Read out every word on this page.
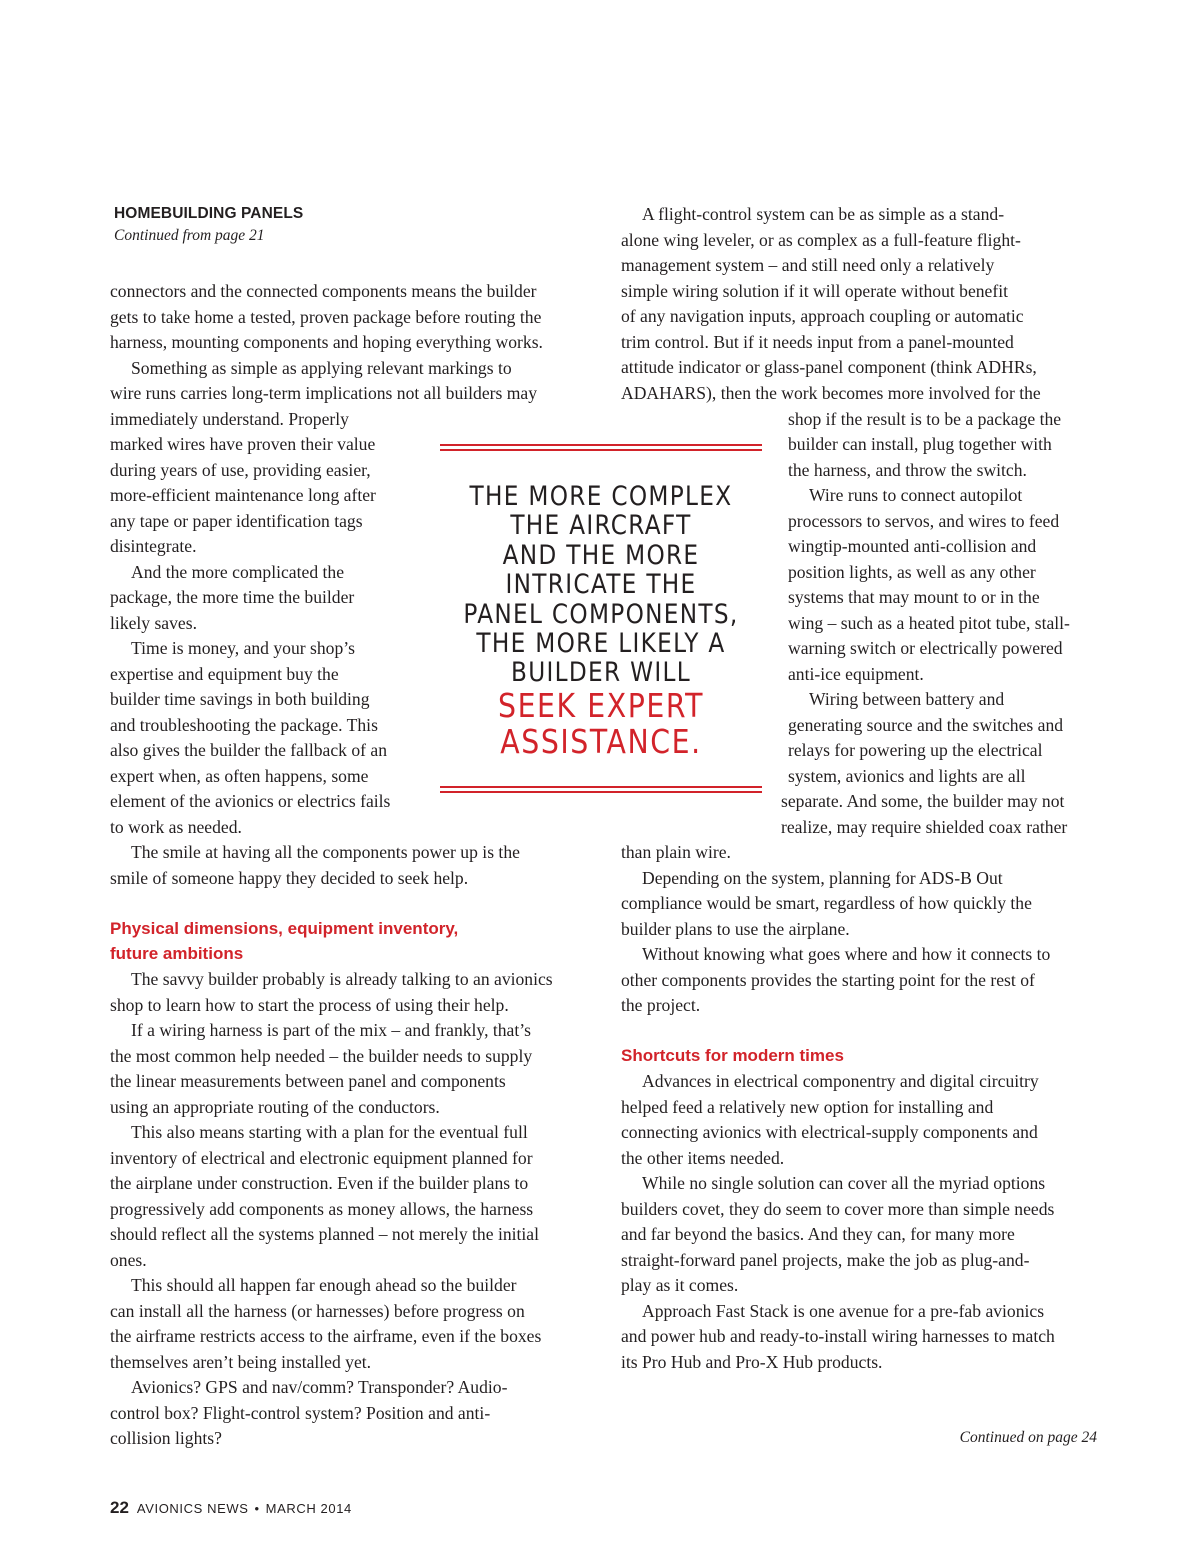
HOMEBUILDING PANELS
Continued from page 21
connectors and the connected components means the builder
gets to take home a tested, proven package before routing the
harness, mounting components and hoping everything works.
Something as simple as applying relevant markings to
wire runs carries long-term implications not all builders may
immediately understand. Properly
marked wires have proven their value
during years of use, providing easier,
more-efficient maintenance long after
any tape or paper identification tags
disintegrate.
And the more complicated the
package, the more time the builder
likely saves.
Time is money, and your shop’s
expertise and equipment buy the
builder time savings in both building
and troubleshooting the package. This
also gives the builder the fallback of an
expert when, as often happens, some
element of the avionics or electrics fails
to work as needed.
The smile at having all the components power up is the
smile of someone happy they decided to seek help.
Physical dimensions, equipment inventory,
future ambitions
The savvy builder probably is already talking to an avionics
shop to learn how to start the process of using their help.
If a wiring harness is part of the mix – and frankly, that’s
the most common help needed – the builder needs to supply
the linear measurements between panel and components
using an appropriate routing of the conductors.
This also means starting with a plan for the eventual full
inventory of electrical and electronic equipment planned for
the airplane under construction. Even if the builder plans to
progressively add components as money allows, the harness
should reflect all the systems planned – not merely the initial
ones.
This should all happen far enough ahead so the builder
can install all the harness (or harnesses) before progress on
the airframe restricts access to the airframe, even if the boxes
themselves aren’t being installed yet.
Avionics? GPS and nav/comm? Transponder? Audio-
control box? Flight-control system? Position and anti-
collision lights?
A flight-control system can be as simple as a stand-
alone wing leveler, or as complex as a full-feature flight-
management system – and still need only a relatively
simple wiring solution if it will operate without benefit
of any navigation inputs, approach coupling or automatic
trim control. But if it needs input from a panel-mounted
attitude indicator or glass-panel component (think ADHRs,
ADAHARS), then the work becomes more involved for the
shop if the result is to be a package the
builder can install, plug together with
the harness, and throw the switch.
Wire runs to connect autopilot
processors to servos, and wires to feed
wingtip-mounted anti-collision and
position lights, as well as any other
systems that may mount to or in the
wing – such as a heated pitot tube, stall-
warning switch or electrically powered
anti-ice equipment.
Wiring between battery and
generating source and the switches and
relays for powering up the electrical
system, avionics and lights are all
separate. And some, the builder may not
realize, may require shielded coax rather
than plain wire.
Depending on the system, planning for ADS-B Out
compliance would be smart, regardless of how quickly the
builder plans to use the airplane.
Without knowing what goes where and how it connects to
other components provides the starting point for the rest of
the project.
Shortcuts for modern times
Advances in electrical componentry and digital circuitry
helped feed a relatively new option for installing and
connecting avionics with electrical-supply components and
the other items needed.
While no single solution can cover all the myriad options
builders covet, they do seem to cover more than simple needs
and far beyond the basics. And they can, for many more
straight-forward panel projects, make the job as plug-and-
play as it comes.
Approach Fast Stack is one avenue for a pre-fab avionics
and power hub and ready-to-install wiring harnesses to match
its Pro Hub and Pro-X Hub products.
THE MORE COMPLEX
THE AIRCRAFT
AND THE MORE
INTRICATE THE
PANEL COMPONENTS,
THE MORE LIKELY A
BUILDER WILL
SEEK EXPERT
ASSISTANCE.
Continued on page 24
22 AVIONICS NEWS • MARCH 2014
